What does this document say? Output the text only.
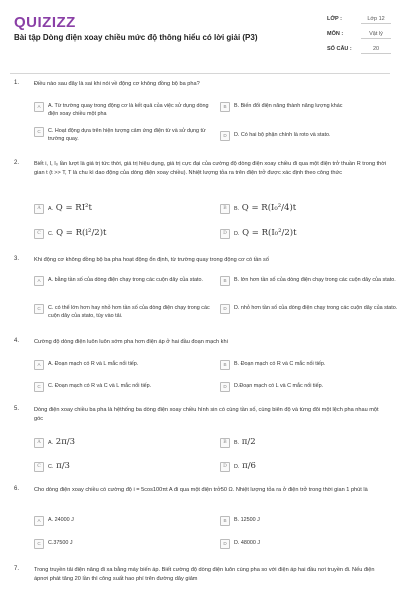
QUIZIZZ
Bài tập Dòng điện xoay chiều mức độ thông hiểu có lời giải (P3)
LỚP :	Lớp 12
MÔN :	Vật lý
SỐ CÂU :	20
1.	Điều nào sau đây là sai khi nói về động cơ không đồng bộ ba pha?
A	A. Từ trường quay trong động cơ là kết quả của việc sử dụng dòng điện xoay chiều một pha
B	B. Biến đổi điện năng thành năng lượng khác
C	C. Hoạt động dựa trên hiện tượng cảm ứng điện từ và sử dụng từ trường quay.
D	D. Có hai bộ phận chính là roto và stato.
2.	Biết i, I, I₀ lần lượt là giá trị tức thời, giá trị hiệu dụng, giá trị cực đại của cường độ dòng điện xoay chiều đi qua một điện trở thuần R trong thời gian t (t >> T, T là chu kì dao động của dòng điện xoay chiều). Nhiệt lượng tỏa ra trên điện trở được xác định theo công thức
A	A. Q = RI²t	B	B. Q = R(I₀²/4)t
C	C. Q = R(i²/2)t	D	D. Q = R(I₀²/2)t
3.	Khi động cơ không đồng bộ ba pha hoạt động ổn định, từ trường quay trong động cơ có tần số
A	A. bằng tần số của dòng điện chạy trong các cuộn dây của stato.	B	B. lớn hơn tần số của dòng điện chạy trong các cuộn dây của stato.
C	C. có thể lớn hơn hay nhỏ hơn tần số của dòng điện chạy trong các cuộn dây của stato, tùy vào tải.
D	D. nhỏ hơn tần số của dòng điện chạy trong các cuộn dây của stato.
4.	Cường độ dòng điện luôn luôn sớm pha hơn điện áp ở hai đầu đoạn mạch khi
A	A. Đoạn mạch có R và L mắc nối tiếp.	B	B. Đoạn mạch có R và C mắc nối tiếp.
C	C. Đoạn mạch có R và C và L mắc nối tiếp.	D	D.Đoạn mạch có L và C mắc nối tiếp.
5.	Dòng điện xoay chiều ba pha là hệthống ba dòng điện xoay chiều hình sin có cùng tần số, cùng biên độ và từng đôi một lệch pha nhau một góc
A	A. 2π/3	B	B. π/2
C	C. π/3	D	D. π/6
6.	Cho dòng điện xoay chiều có cường độ i = 5cos100πt A đi qua một điện trở50 Ω. Nhiệt lượng tỏa ra ở điện trở trong thời gian 1 phút là
A	A. 24000 J	B	B. 12500 J
C	C.37500 J	D	D. 48000 J
7.	Trong truyền tải điện năng đi xa bằng máy biến áp. Biết cường độ dòng điện luôn cùng pha so với điện áp hai đầu nơi truyền đi. Nếu điện ápnơi phát tăng 20 lần thì công suất hao phí trên đường dây giảm
